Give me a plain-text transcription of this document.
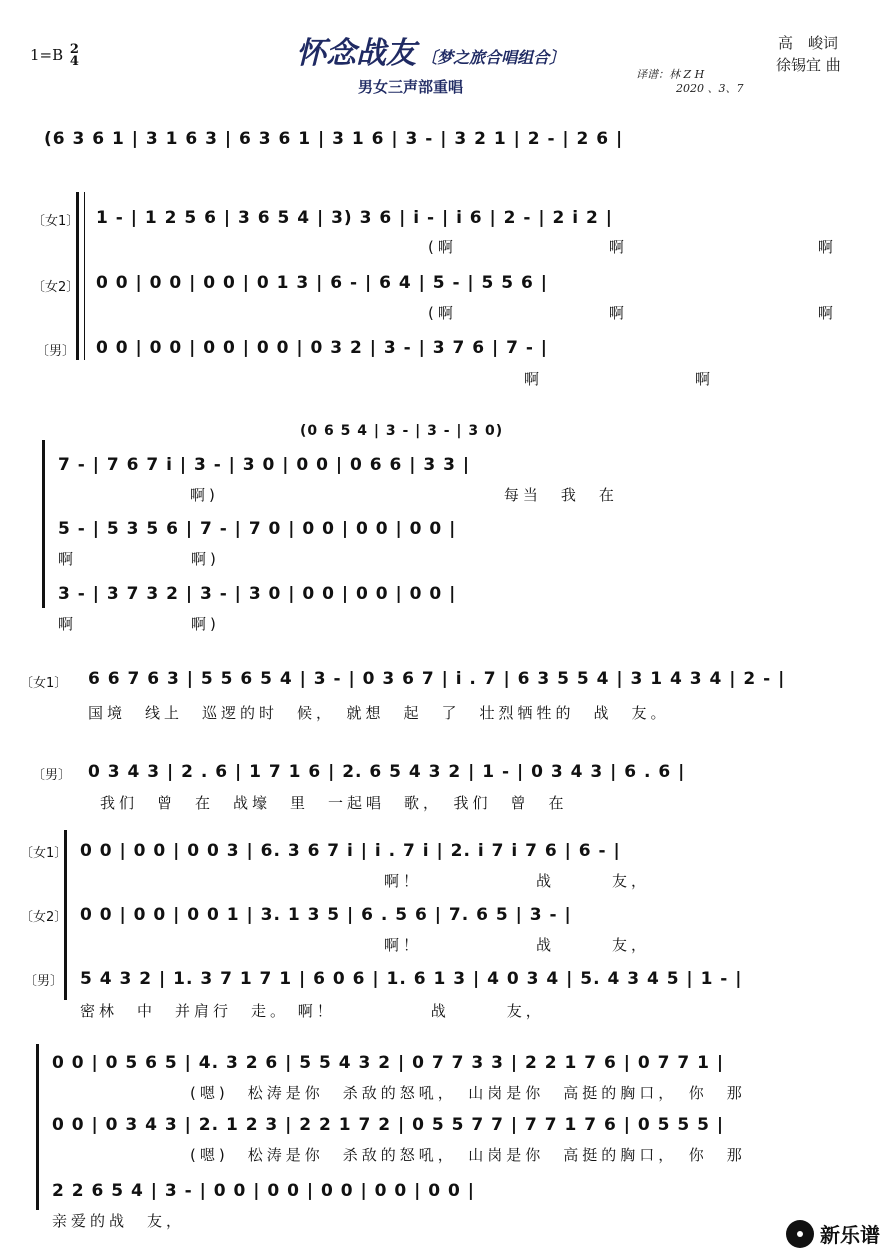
1=B 2
4	怀念战友 〔梦之旅合唱组合〕
男女三声部重唱
译谱：林 Z H
2020 、3、7
高　峻词
徐锡宜 曲
(6 3 6 1 | 3 1 6 3 | 6 3 6 1 | 3 1 6 | 3 - | 3 2 1 | 2 - | 2 6 |
〔女1〕 1 - | 1 2 5 6 | 3 6 5 4 | 3) 3 6 | i - | i 6 | 2 - | 2 i 2 |
(啊　　　　　　　　啊　　　　　　　　　　啊
〔女2〕 0 0 | 0 0 | 0 0 | 0 1 3 | 6 - | 6 4 | 5 - | 5 5 6 |
(啊　　　　　　　　啊　　　　　　　　　　啊
〔男〕 0 0 | 0 0 | 0 0 | 0 0 | 0 3 2 | 3 - | 3 7 6 | 7 - |
啊　　　　　　　　啊
(0 6 5 4 | 3 - | 3 - | 3 0)
7 - | 7 6 7 i | 3 - | 3 0 | 0 0 | 0 6 6 | 3 3 |
啊)　　　　　　　　　　　　　　　每当　我　在
5 - | 5 3 5 6 | 7 - | 7 0 | 0 0 | 0 0 | 0 0 |
啊　　　　　　啊)
3 - | 3 7 3 2 | 3 - | 3 0 | 0 0 | 0 0 | 0 0 |
啊　　　　　　啊)
〔女1〕 6 6 7 6 3 | 5 5 6 5 4 | 3 - | 0 3 6 7 | i . 7 | 6 3 5 5 4 | 3 1 4 3 4 | 2 - |
国境　线上　巡逻的时　候，　就想　起　了　壮烈牺牲的　战　友。
〔男〕 0 3 4 3 | 2 . 6 | 1 7 1 6 | 2. 6 5 4 3 2 | 1 - | 0 3 4 3 | 6 . 6 |
我们　曾　在　战壕　里　一起唱　歌，　我们　曾　在
〔女1〕 0 0 | 0 0 | 0 0 3 | 6. 3 6 7 i | i . 7 i | 2. i 7 i 7 6 | 6 - |
啊！　　　　　　战　　　友，
〔女2〕 0 0 | 0 0 | 0 0 1 | 3. 1 3 5 | 6 . 5 6 | 7. 6 5 | 3 - |
啊！　　　　　　战　　　友，
〔男〕 5 4 3 2 | 1. 3 7 1 7 1 | 6 0 6 | 1. 6 1 3 | 4 0 3 4 | 5. 4 3 4 5 | 1 - |
密林　中　并肩行　走。 啊！　　　　　战　　　友，
0 0 | 0 5 6 5 | 4. 3 2 6 | 5 5 4 3 2 | 0 7 7 3 3 | 2 2 1 7 6 | 0 7 7 1 |
(嗯)　松涛是你　杀敌的怒吼，　山岗是你　高挺的胸口，　你　那
0 0 | 0 3 4 3 | 2. 1 2 3 | 2 2 1 7 2 | 0 5 5 7 7 | 7 7 1 7 6 | 0 5 5 5 |
(嗯)　松涛是你　杀敌的怒吼，　山岗是你　高挺的胸口，　你　那
2 2 6 5 4 | 3 - | 0 0 | 0 0 | 0 0 | 0 0 | 0 0 |
亲爱的战　友，
新乐谱
